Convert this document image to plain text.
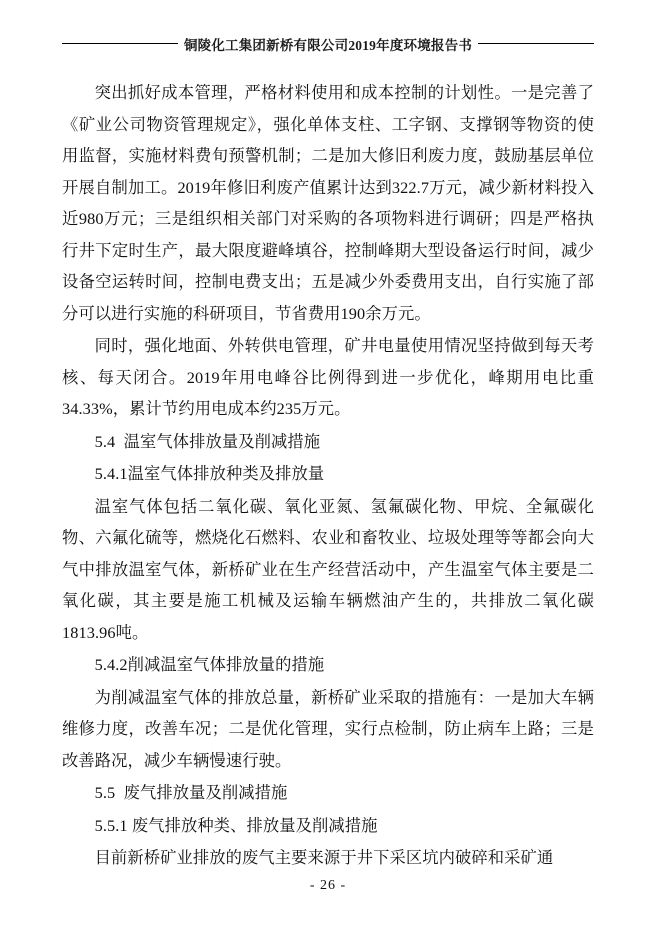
铜陵化工集团新桥有限公司2019年度环境报告书

突出抓好成本管理，严格材料使用和成本控制的计划性。一是完善了《矿业公司物资管理规定》，强化单体支柱、工字钢、支撑钢等物资的使用监督，实施材料费旬预警机制；二是加大修旧利废力度，鼓励基层单位开展自制加工。2019年修旧利废产值累计达到322.7万元，减少新材料投入近980万元；三是组织相关部门对采购的各项物料进行调研；四是严格执行井下定时生产，最大限度避峰填谷，控制峰期大型设备运行时间，减少设备空运转时间，控制电费支出；五是减少外委费用支出，自行实施了部分可以进行实施的科研项目，节省费用190余万元。

同时，强化地面、外转供电管理，矿井电量使用情况坚持做到每天考核、每天闭合。2019年用电峰谷比例得到进一步优化，峰期用电比重34.33%，累计节约用电成本约235万元。

5.4 温室气体排放量及削减措施

5.4.1温室气体排放种类及排放量

温室气体包括二氧化碳、氧化亚氮、氢氟碳化物、甲烷、全氟碳化物、六氟化硫等，燃烧化石燃料、农业和畜牧业、垃圾处理等等都会向大气中排放温室气体，新桥矿业在生产经营活动中，产生温室气体主要是二氧化碳，其主要是施工机械及运输车辆燃油产生的，共排放二氧化碳1813.96吨。

5.4.2削减温室气体排放量的措施

为削减温室气体的排放总量，新桥矿业采取的措施有：一是加大车辆维修力度，改善车况；二是优化管理，实行点检制，防止病车上路；三是改善路况，减少车辆慢速行驶。

5.5 废气排放量及削减措施

5.5.1 废气排放种类、排放量及削减措施

目前新桥矿业排放的废气主要来源于井下采区坑内破碎和采矿通

- 26 -
